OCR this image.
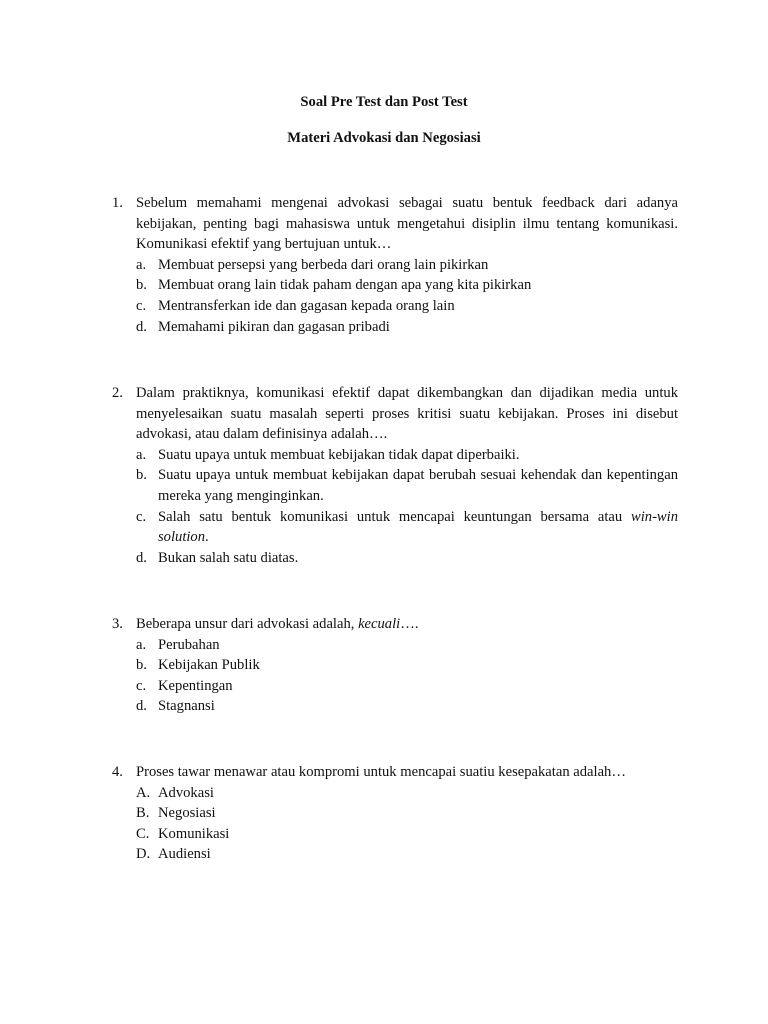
Soal Pre Test dan Post Test
Materi Advokasi dan Negosiasi
1. Sebelum memahami mengenai advokasi sebagai suatu bentuk feedback dari adanya kebijakan, penting bagi mahasiswa untuk mengetahui disiplin ilmu tentang komunikasi. Komunikasi efektif yang bertujuan untuk…
a. Membuat persepsi yang berbeda dari orang lain pikirkan
b. Membuat orang lain tidak paham dengan apa yang kita pikirkan
c. Mentransferkan ide dan gagasan kepada orang lain
d. Memahami pikiran dan gagasan pribadi
2. Dalam praktiknya, komunikasi efektif dapat dikembangkan dan dijadikan media untuk menyelesaikan suatu masalah seperti proses kritisi suatu kebijakan. Proses ini disebut advokasi, atau dalam definisinya adalah….
a. Suatu upaya untuk membuat kebijakan tidak dapat diperbaiki.
b. Suatu upaya untuk membuat kebijakan dapat berubah sesuai kehendak dan kepentingan mereka yang menginginkan.
c. Salah satu bentuk komunikasi untuk mencapai keuntungan bersama atau win-win solution.
d. Bukan salah satu diatas.
3. Beberapa unsur dari advokasi adalah, kecuali….
a. Perubahan
b. Kebijakan Publik
c. Kepentingan
d. Stagnansi
4. Proses tawar menawar atau kompromi untuk mencapai suatiu kesepakatan adalah…
A. Advokasi
B. Negosiasi
C. Komunikasi
D. Audiensi
